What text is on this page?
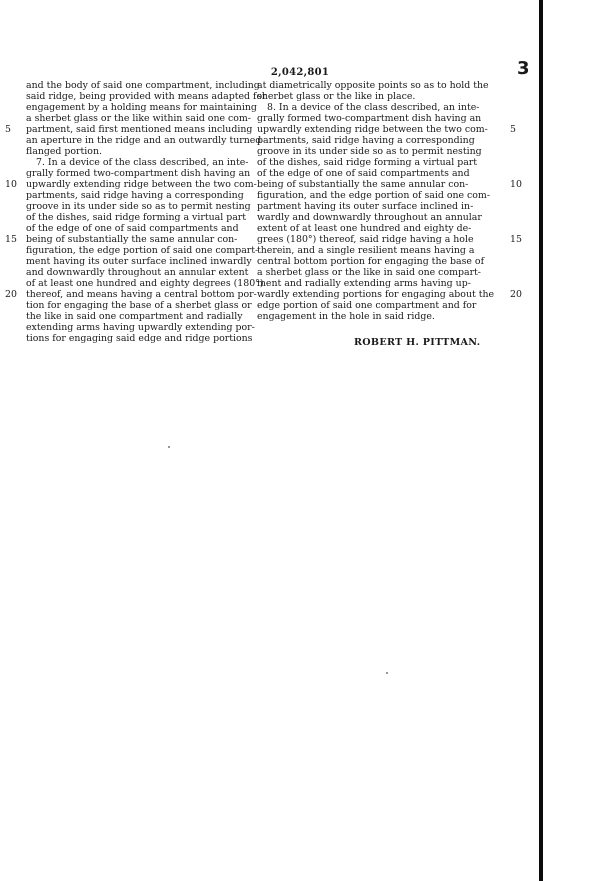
2,042,801	3
and the body of said one compartment, including
said ridge, being provided with means adapted for
engagement by a holding means for maintaining
a sherbet glass or the like within said one com-
partment, said first mentioned means including
an aperture in the ridge and an outwardly turned
flanged portion.
7. In a device of the class described, an inte-
grally formed two-compartment dish having an
upwardly extending ridge between the two com-
partments, said ridge having a corresponding
groove in its under side so as to permit nesting
of the dishes, said ridge forming a virtual part
of the edge of one of said compartments and
being of substantially the same annular con-
figuration, the edge portion of said one compart-
ment having its outer surface inclined inwardly
and downwardly throughout an annular extent
of at least one hundred and eighty degrees (180°)
thereof, and means having a central bottom por-
tion for engaging the base of a sherbet glass or
the like in said one compartment and radially
extending arms having upwardly extending por-
tions for engaging said edge and ridge portions
at diametrically opposite points so as to hold the
sherbet glass or the like in place.
8. In a device of the class described, an inte-
grally formed two-compartment dish having an
upwardly extending ridge between the two com-
partments, said ridge having a corresponding
groove in its under side so as to permit nesting
of the dishes, said ridge forming a virtual part
of the edge of one of said compartments and
being of substantially the same annular con-
figuration, and the edge portion of said one com-
partment having its outer surface inclined in-
wardly and downwardly throughout an annular
extent of at least one hundred and eighty de-
grees (180°) thereof, said ridge having a hole
therein, and a single resilient means having a
central bottom portion for engaging the base of
a sherbet glass or the like in said one compart-
ment and radially extending arms having up-
wardly extending portions for engaging about the
edge portion of said one compartment and for
engagement in the hole in said ridge.
ROBERT H. PITTMAN.
5
10
15
20
5
10
15
20
